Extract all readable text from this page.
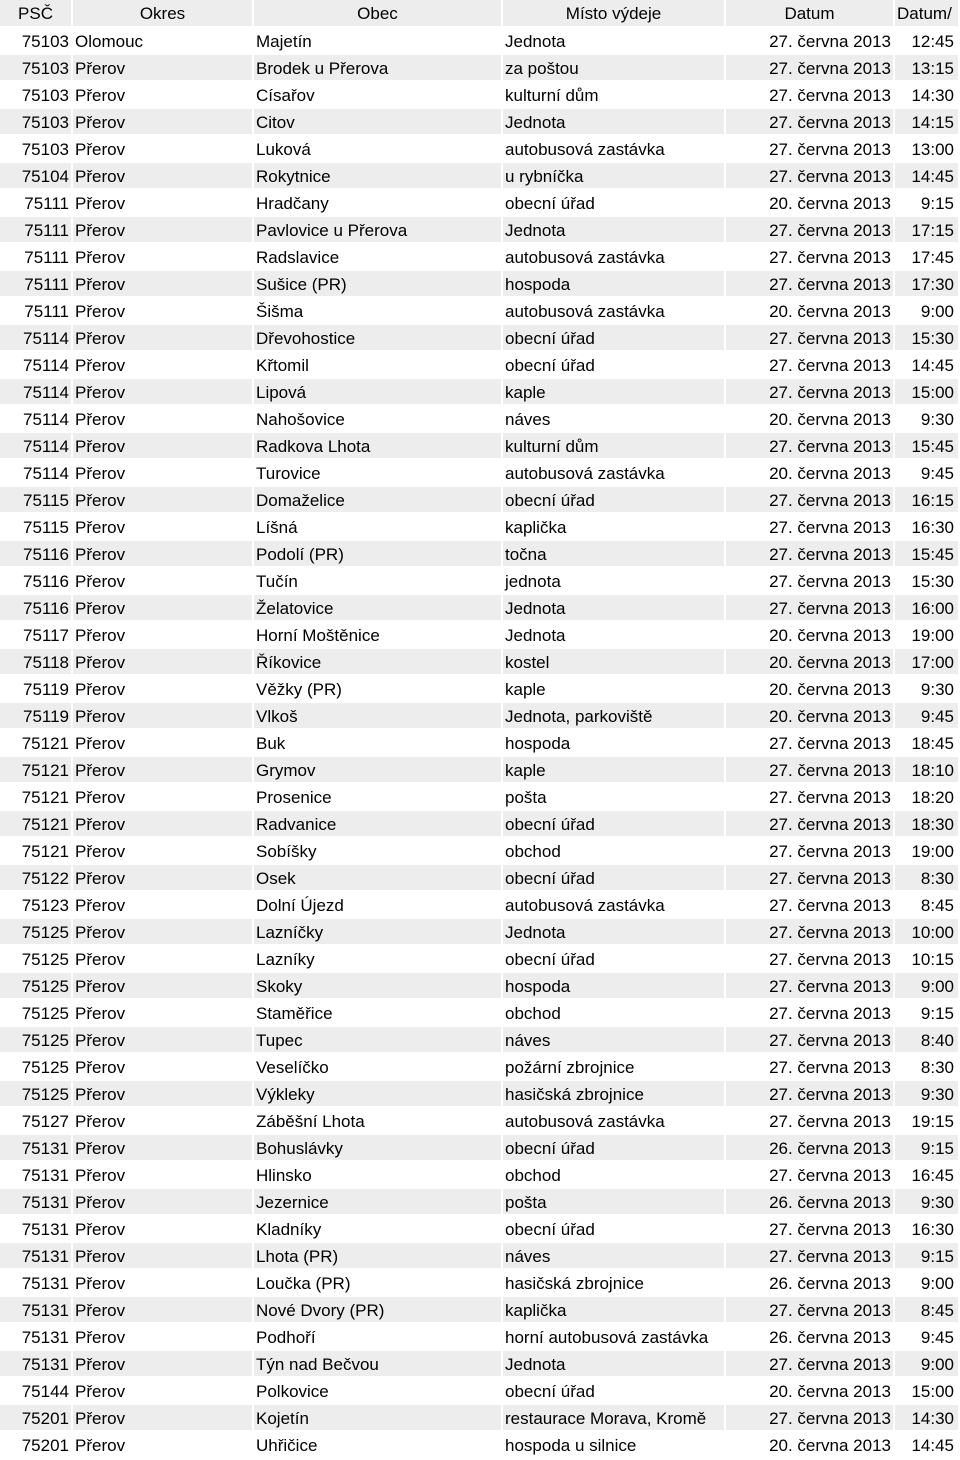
PSČ	Okres	Obec	Místo výdeje	Datum	Datum/
75103 Olomouc	Majetín	Jednota	27. června 2013	12:45
75103 Přerov	Brodek u Přerova	za poštou	27. června 2013	13:15
75103 Přerov	Císařov	kulturní dům	27. června 2013	14:30
75103 Přerov	Citov	Jednota	27. června 2013	14:15
75103 Přerov	Luková	autobusová zastávka	27. června 2013	13:00
75104 Přerov	Rokytnice	u rybníčka	27. června 2013	14:45
75111 Přerov	Hradčany	obecní úřad	20. června 2013	9:15
75111 Přerov	Pavlovice u Přerova	Jednota	27. června 2013	17:15
75111 Přerov	Radslavice	autobusová zastávka	27. června 2013	17:45
75111 Přerov	Sušice (PR)	hospoda	27. června 2013	17:30
75111 Přerov	Šišma	autobusová zastávka	20. června 2013	9:00
75114 Přerov	Dřevohostice	obecní úřad	27. června 2013	15:30
75114 Přerov	Křtomil	obecní úřad	27. června 2013	14:45
75114 Přerov	Lipová	kaple	27. června 2013	15:00
75114 Přerov	Nahošovice	náves	20. června 2013	9:30
75114 Přerov	Radkova Lhota	kulturní dům	27. června 2013	15:45
75114 Přerov	Turovice	autobusová zastávka	20. června 2013	9:45
75115 Přerov	Domaželice	obecní úřad	27. června 2013	16:15
75115 Přerov	Líšná	kaplička	27. června 2013	16:30
75116 Přerov	Podolí (PR)	točna	27. června 2013	15:45
75116 Přerov	Tučín	jednota	27. června 2013	15:30
75116 Přerov	Želatovice	Jednota	27. června 2013	16:00
75117 Přerov	Horní Moštěnice	Jednota	20. června 2013	19:00
75118 Přerov	Říkovice	kostel	20. června 2013	17:00
75119 Přerov	Věžky (PR)	kaple	20. června 2013	9:30
75119 Přerov	Vlkoš	Jednota, parkoviště	20. června 2013	9:45
75121 Přerov	Buk	hospoda	27. června 2013	18:45
75121 Přerov	Grymov	kaple	27. června 2013	18:10
75121 Přerov	Prosenice	pošta	27. června 2013	18:20
75121 Přerov	Radvanice	obecní úřad	27. června 2013	18:30
75121 Přerov	Sobíšky	obchod	27. června 2013	19:00
75122 Přerov	Osek	obecní úřad	27. června 2013	8:30
75123 Přerov	Dolní Újezd	autobusová zastávka	27. června 2013	8:45
75125 Přerov	Lazníčky	Jednota	27. června 2013	10:00
75125 Přerov	Lazníky	obecní úřad	27. června 2013	10:15
75125 Přerov	Skoky	hospoda	27. června 2013	9:00
75125 Přerov	Staměřice	obchod	27. června 2013	9:15
75125 Přerov	Tupec	náves	27. června 2013	8:40
75125 Přerov	Veselíčko	požární zbrojnice	27. června 2013	8:30
75125 Přerov	Výkleky	hasičská zbrojnice	27. června 2013	9:30
75127 Přerov	Záběšní Lhota	autobusová zastávka	27. června 2013	19:15
75131 Přerov	Bohuslávky	obecní úřad	26. června 2013	9:15
75131 Přerov	Hlinsko	obchod	27. června 2013	16:45
75131 Přerov	Jezernice	pošta	26. června 2013	9:30
75131 Přerov	Kladníky	obecní úřad	27. června 2013	16:30
75131 Přerov	Lhota (PR)	náves	27. června 2013	9:15
75131 Přerov	Loučka (PR)	hasičská zbrojnice	26. června 2013	9:00
75131 Přerov	Nové Dvory (PR)	kaplička	27. června 2013	8:45
75131 Přerov	Podhoří	horní autobusová zastávka	26. června 2013	9:45
75131 Přerov	Týn nad Bečvou	Jednota	27. června 2013	9:00
75144 Přerov	Polkovice	obecní úřad	20. června 2013	15:00
75201 Přerov	Kojetín	restaurace Morava, Kromě	27. června 2013	14:30
75201 Přerov	Uhřičice	hospoda u silnice	20. června 2013	14:45
